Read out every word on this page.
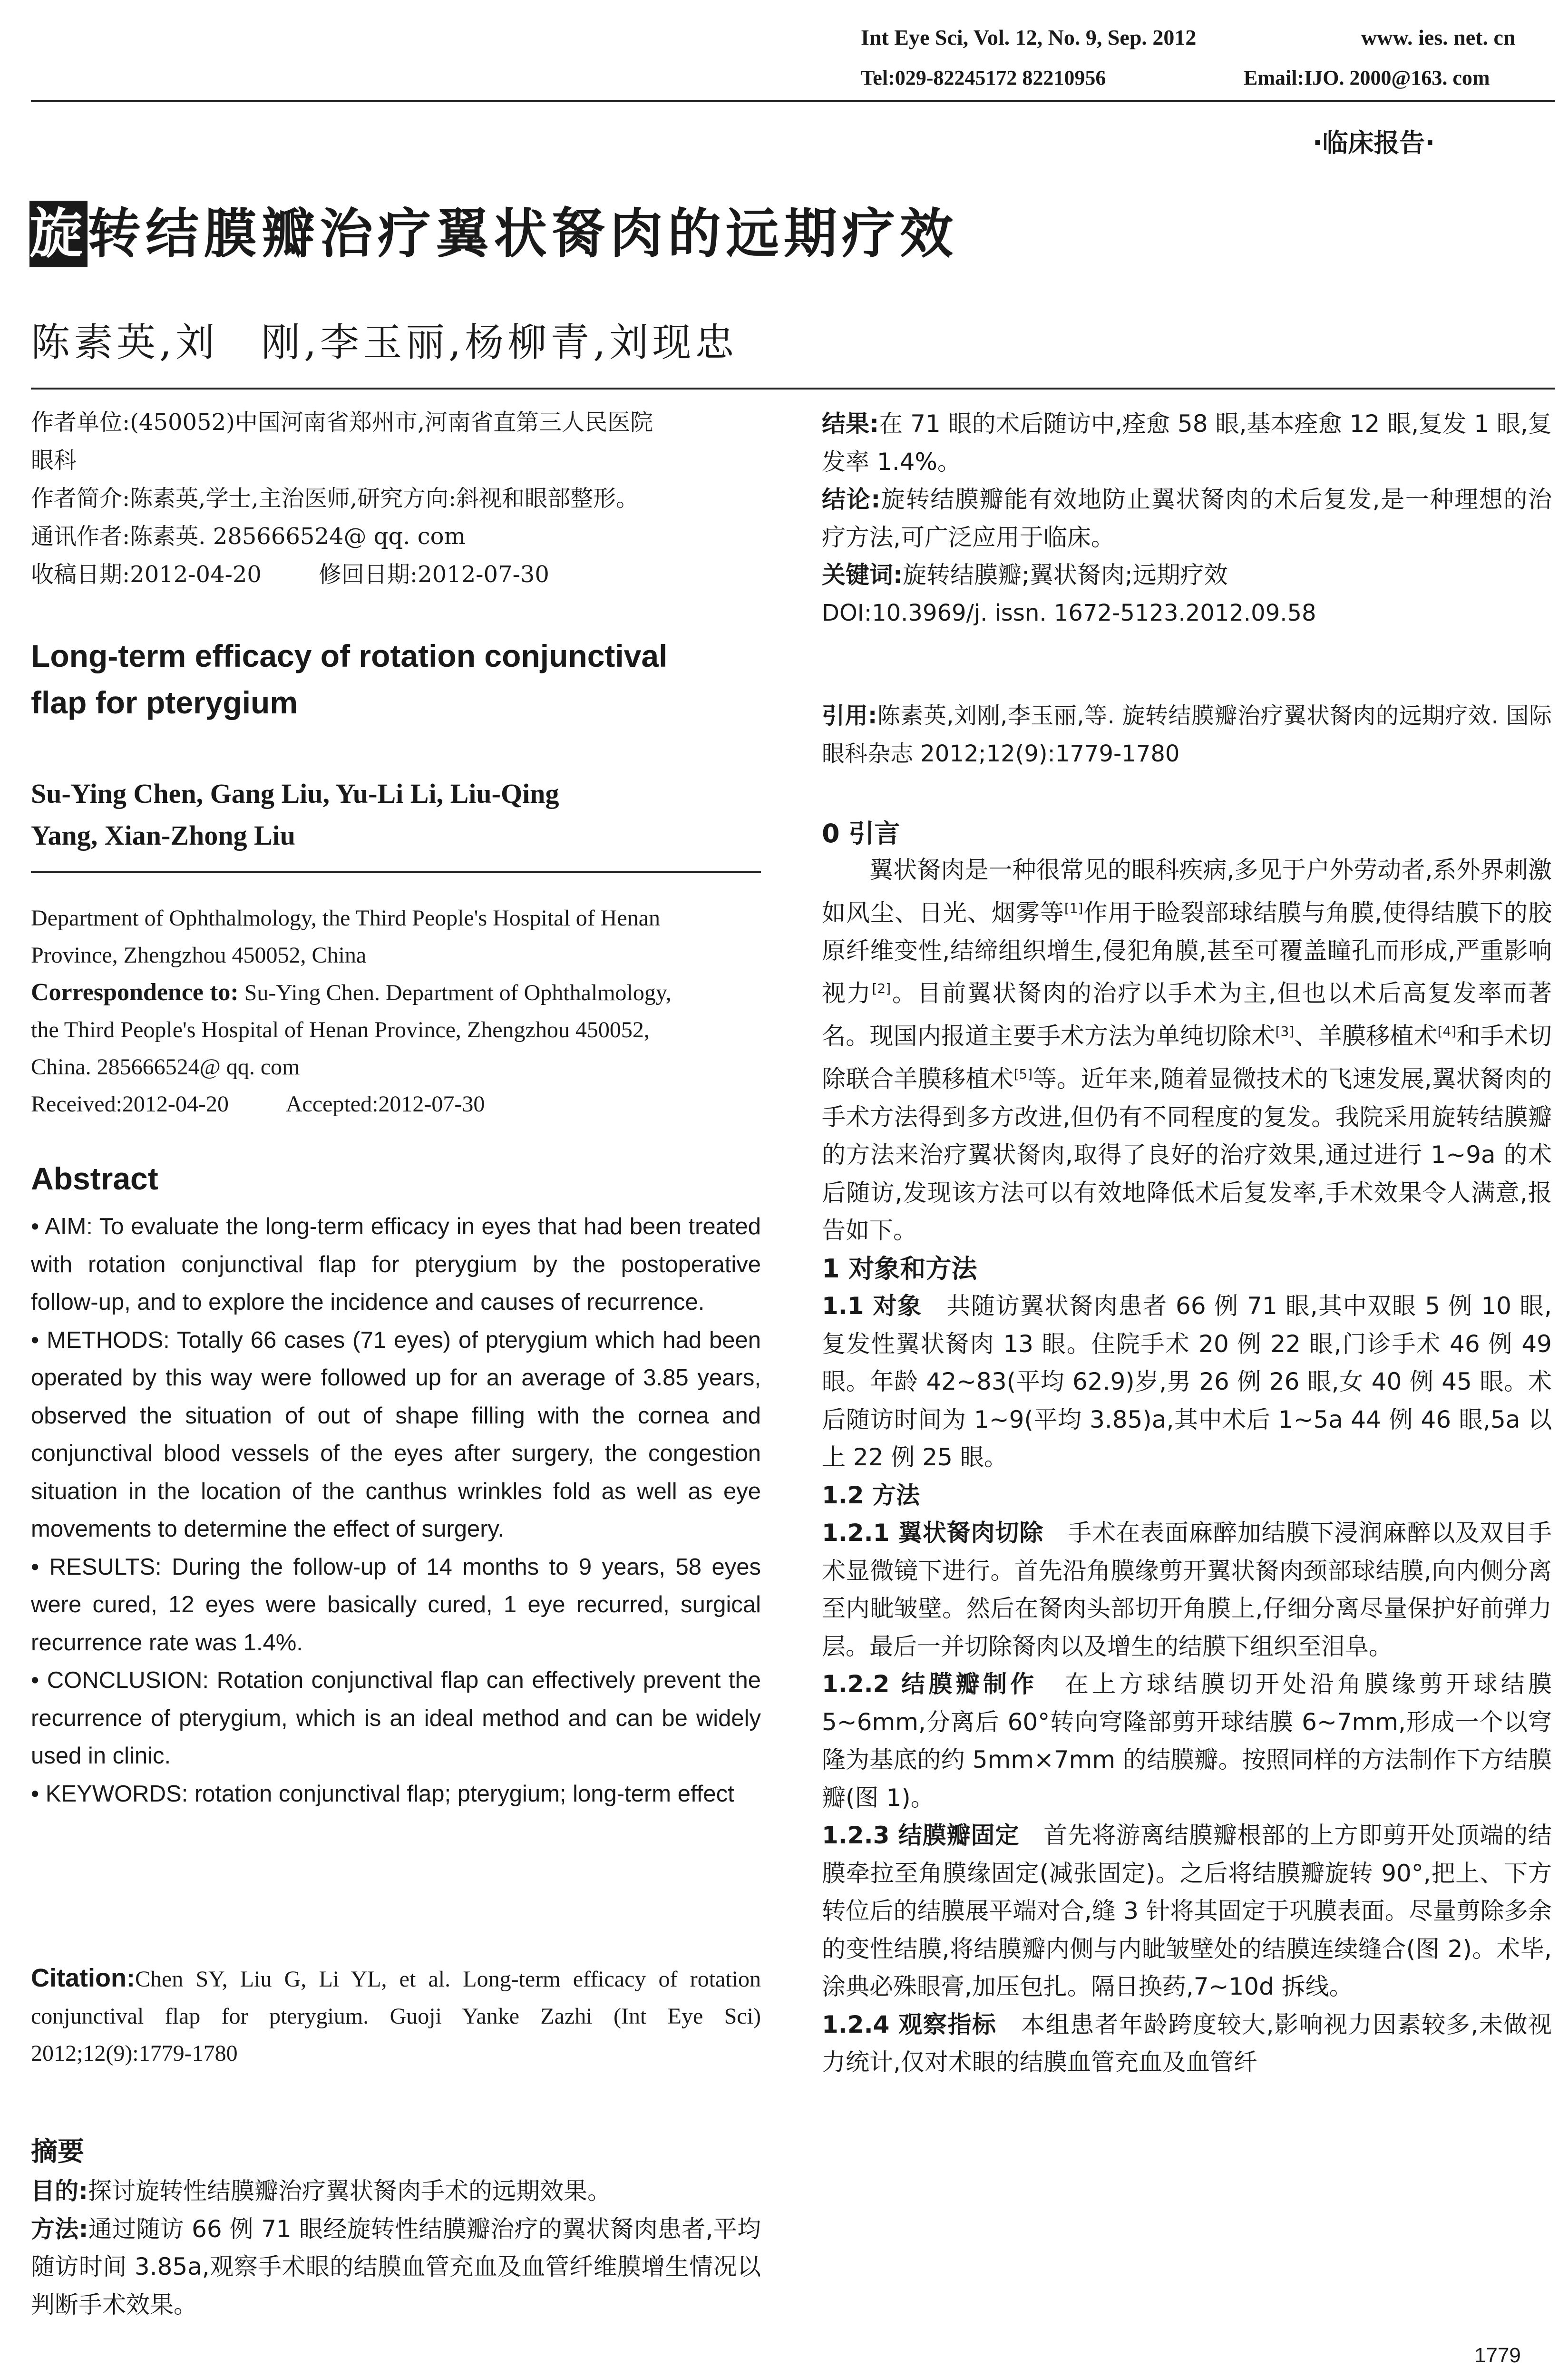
Int Eye Sci, Vol. 12, No. 9, Sep. 2012	www. ies. net. cn
Tel:029-82245172 82210956	Email:IJO. 2000@163. com
·临床报告·
旋转结膜瓣治疗翼状胬肉的远期疗效
陈素英,刘　刚,李玉丽,杨柳青,刘现忠

作者单位:(450052)中国河南省郑州市,河南省直第三人民医院

眼科

作者简介:陈素英,学士,主治医师,研究方向:斜视和眼部整形。

通讯作者:陈素英. 285666524@ qq. com

收稿日期:2012-04-20	修回日期:2012-07-30

Long-term efficacy of rotation conjunctival
flap for pterygium
Su-Ying Chen, Gang Liu, Yu-Li Li, Liu-Qing
Yang, Xian-Zhong Liu
Department of Ophthalmology, the Third People's Hospital of Henan
Province, Zhengzhou 450052, China
Correspondence to: Su-Ying Chen. Department of Ophthalmology,
the Third People's Hospital of Henan Province, Zhengzhou 450052,
China. 285666524@ qq. com
Received:2012-04-20	Accepted:2012-07-30
Abstract

• AIM: To evaluate the long-term efficacy in eyes that had been treated with rotation conjunctival flap for pterygium by the postoperative follow-up, and to explore the incidence and causes of recurrence.

• METHODS: Totally 66 cases (71 eyes) of pterygium which had been operated by this way were followed up for an average of 3.85 years, observed the situation of out of shape filling with the cornea and conjunctival blood vessels of the eyes after surgery, the congestion situation in the location of the canthus wrinkles fold as well as eye movements to determine the effect of surgery.

• RESULTS: During the follow-up of 14 months to 9 years, 58 eyes were cured, 12 eyes were basically cured, 1 eye recurred, surgical recurrence rate was 1.4%.

• CONCLUSION: Rotation conjunctival flap can effectively prevent the recurrence of pterygium, which is an ideal method and can be widely used in clinic.

• KEYWORDS: rotation conjunctival flap; pterygium; long-term effect

Citation:Chen SY, Liu G, Li YL, et al. Long-term efficacy of rotation conjunctival flap for pterygium. Guoji Yanke Zazhi (Int Eye Sci) 2012;12(9):1779-1780
摘要

目的:探讨旋转性结膜瓣治疗翼状胬肉手术的远期效果。

方法:通过随访 66 例 71 眼经旋转性结膜瓣治疗的翼状胬肉患者,平均随访时间 3.85a,观察手术眼的结膜血管充血及血管纤维膜增生情况以判断手术效果。

结果:在 71 眼的术后随访中,痊愈 58 眼,基本痊愈 12 眼,复发 1 眼,复发率 1.4%。

结论:旋转结膜瓣能有效地防止翼状胬肉的术后复发,是一种理想的治疗方法,可广泛应用于临床。

关键词:旋转结膜瓣;翼状胬肉;远期疗效

DOI:10.3969/j. issn. 1672-5123.2012.09.58

引用:陈素英,刘刚,李玉丽,等. 旋转结膜瓣治疗翼状胬肉的远期疗效. 国际眼科杂志 2012;12(9):1779-1780
0 引言

翼状胬肉是一种很常见的眼科疾病,多见于户外劳动者,系外界刺激如风尘、日光、烟雾等[1]作用于睑裂部球结膜与角膜,使得结膜下的胶原纤维变性,结缔组织增生,侵犯角膜,甚至可覆盖瞳孔而形成,严重影响视力[2]。目前翼状胬肉的治疗以手术为主,但也以术后高复发率而著名。现国内报道主要手术方法为单纯切除术[3]、羊膜移植术[4]和手术切除联合羊膜移植术[5]等。近年来,随着显微技术的飞速发展,翼状胬肉的手术方法得到多方改进,但仍有不同程度的复发。我院采用旋转结膜瓣的方法来治疗翼状胬肉,取得了良好的治疗效果,通过进行 1~9a 的术后随访,发现该方法可以有效地降低术后复发率,手术效果令人满意,报告如下。

1 对象和方法

1.1 对象　共随访翼状胬肉患者 66 例 71 眼,其中双眼 5 例 10 眼,复发性翼状胬肉 13 眼。住院手术 20 例 22 眼,门诊手术 46 例 49 眼。年龄 42~83(平均 62.9)岁,男 26 例 26 眼,女 40 例 45 眼。术后随访时间为 1~9(平均 3.85)a,其中术后 1~5a 44 例 46 眼,5a 以上 22 例 25 眼。

1.2 方法

1.2.1 翼状胬肉切除　手术在表面麻醉加结膜下浸润麻醉以及双目手术显微镜下进行。首先沿角膜缘剪开翼状胬肉颈部球结膜,向内侧分离至内眦皱壁。然后在胬肉头部切开角膜上,仔细分离尽量保护好前弹力层。最后一并切除胬肉以及增生的结膜下组织至泪阜。

1.2.2 结膜瓣制作　在上方球结膜切开处沿角膜缘剪开球结膜 5~6mm,分离后 60°转向穹隆部剪开球结膜 6~7mm,形成一个以穹隆为基底的约 5mm×7mm 的结膜瓣。按照同样的方法制作下方结膜瓣(图 1)。

1.2.3 结膜瓣固定　首先将游离结膜瓣根部的上方即剪开处顶端的结膜牵拉至角膜缘固定(减张固定)。之后将结膜瓣旋转 90°,把上、下方转位后的结膜展平端对合,缝 3 针将其固定于巩膜表面。尽量剪除多余的变性结膜,将结膜瓣内侧与内眦皱壁处的结膜连续缝合(图 2)。术毕,涂典必殊眼膏,加压包扎。隔日换药,7~10d 拆线。

1.2.4 观察指标　本组患者年龄跨度较大,影响视力因素较多,未做视力统计,仅对术眼的结膜血管充血及血管纤

1779
